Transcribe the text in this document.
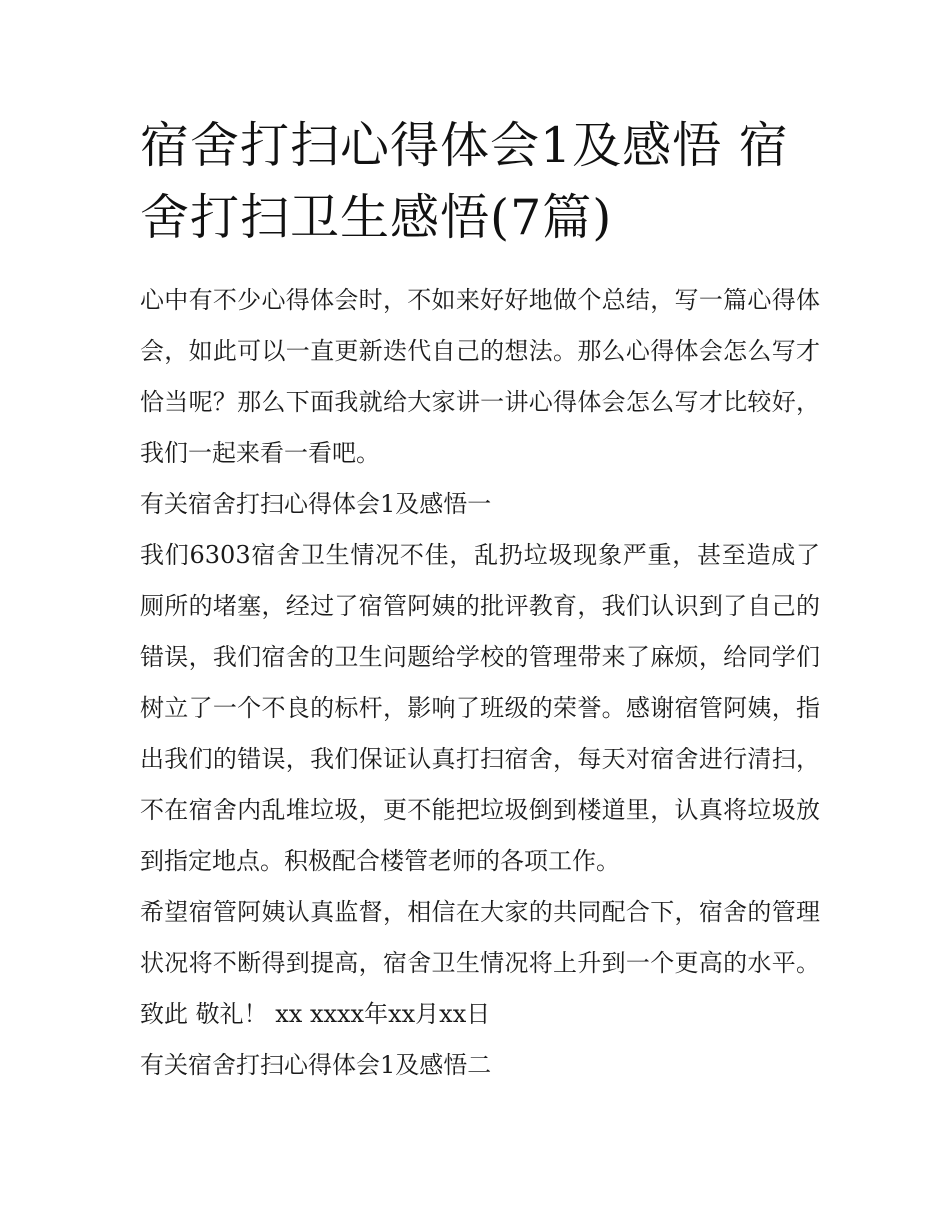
宿舍打扫心得体会1及感悟 宿舍打扫卫生感悟(7篇)

心中有不少心得体会时，不如来好好地做个总结，写一篇心得体会，如此可以一直更新迭代自己的想法。那么心得体会怎么写才恰当呢？那么下面我就给大家讲一讲心得体会怎么写才比较好，我们一起来看一看吧。

有关宿舍打扫心得体会1及感悟一

我们6303宿舍卫生情况不佳，乱扔垃圾现象严重，甚至造成了厕所的堵塞，经过了宿管阿姨的批评教育，我们认识到了自己的错误，我们宿舍的卫生问题给学校的管理带来了麻烦，给同学们树立了一个不良的标杆，影响了班级的荣誉。感谢宿管阿姨，指出我们的错误，我们保证认真打扫宿舍，每天对宿舍进行清扫，不在宿舍内乱堆垃圾，更不能把垃圾倒到楼道里，认真将垃圾放到指定地点。积极配合楼管老师的各项工作。

希望宿管阿姨认真监督，相信在大家的共同配合下，宿舍的管理状况将不断得到提高，宿舍卫生情况将上升到一个更高的水平。 致此 敬礼！ xx xxxx年xx月xx日

有关宿舍打扫心得体会1及感悟二
